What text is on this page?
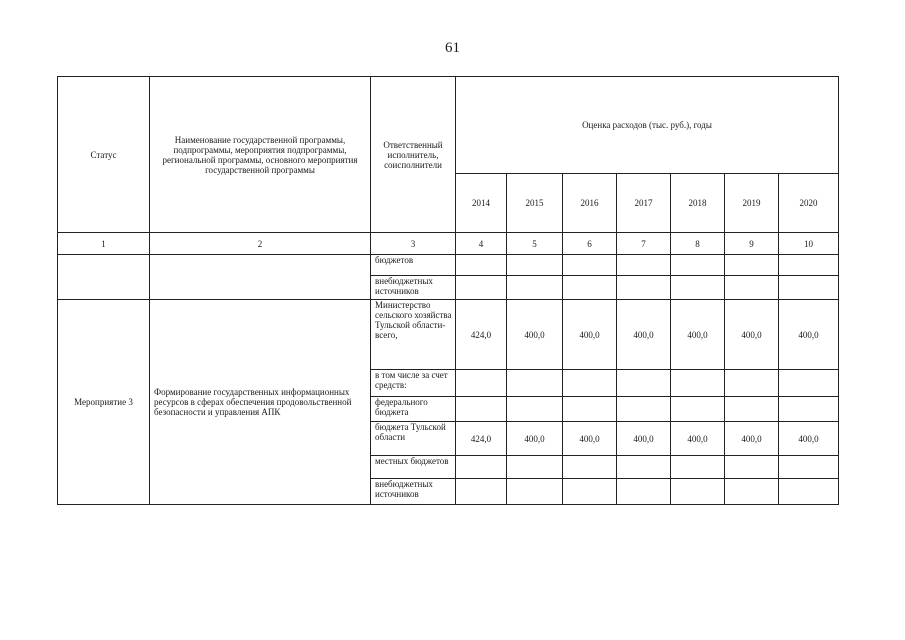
61
Статус	Наименование государственной программы, подпрограммы, мероприятия подпрограммы, региональной программы, основного мероприятия государственной программы	Ответственный исполнитель, соисполнители	Оценка расходов (тыс. руб.), годы						
			2014	2015	2016	2017	2018	2019	2020
1	2	3	4	5	6	7	8	9	10
		бюджетов							
		внебюджетных источников							
Мероприятие 3	Формирование государственных информационных ресурсов в сферах обеспечения продовольственной безопасности и управления АПК	Министерство сельского хозяйства Тульской области- всего,	424,0	400,0	400,0	400,0	400,0	400,0	400,0
		в том числе за счет средств:							
		федерального бюджета							
		бюджета Тульской области	424,0	400,0	400,0	400,0	400,0	400,0	400,0
		местных бюджетов							
		внебюджетных источников							
